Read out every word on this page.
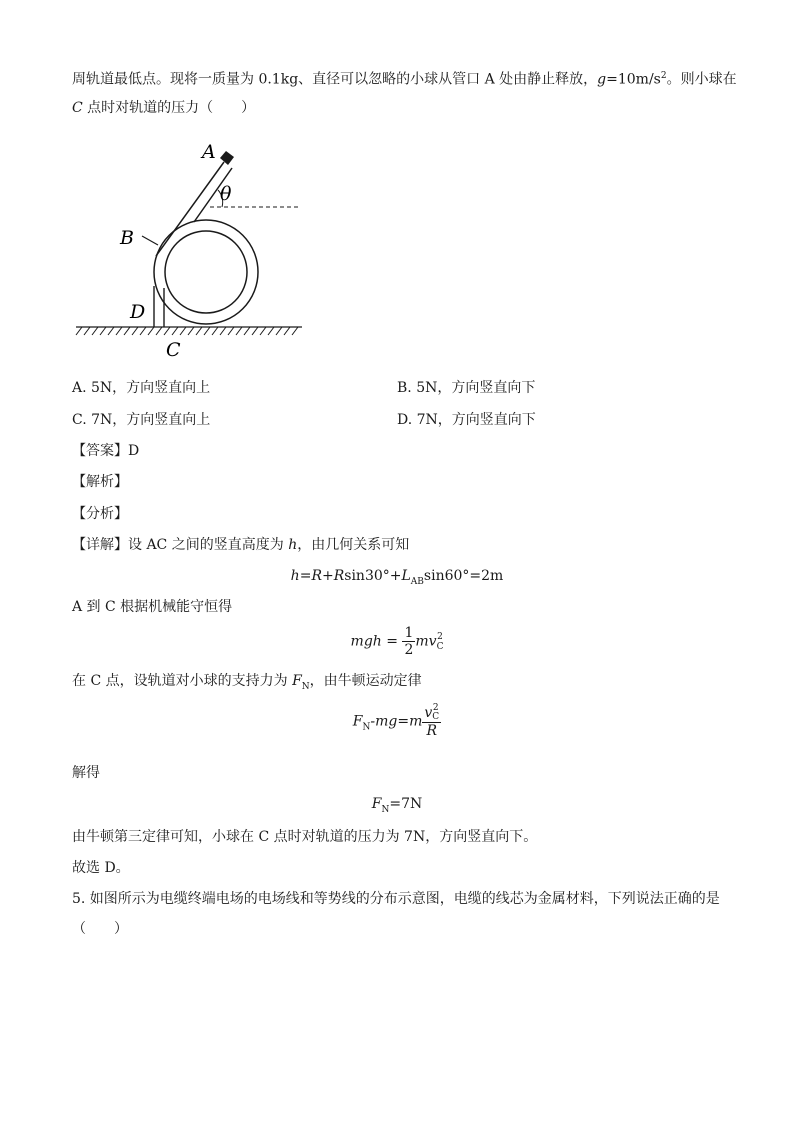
周轨道最低点。现将一质量为 0.1kg、直径可以忽略的小球从管口 A 处由静止释放，$g=10m/s^2$。则小球在
C 点时对轨道的压力（　　）
A
θ
B
D
C
A. 5N，方向竖直向上	B. 5N，方向竖直向下
C. 7N，方向竖直向上	D. 7N，方向竖直向下
【答案】D
【解析】
【分析】
【详解】设 AC 之间的竖直高度为 h，由几何关系可知
$h=R+Rsin30^\circ+L_{AB}\sin 60^\circ=2m$
A 到 C 根据机械能守恒得
mgh = $\frac{1}{2}$ mv 2
C
在 C 点，设轨道对小球的支持力为 $F_N$，由牛顿运动定律
$F_N-mg=m$ v 2
C
R
解得
$F_N=7N$
由牛顿第三定律可知，小球在 C 点时对轨道的压力为 7N，方向竖直向下。
故选 D。
5. 如图所示为电缆终端电场的电场线和等势线的分布示意图，电缆的线芯为金属材料，下列说法正确的是
（　　）
